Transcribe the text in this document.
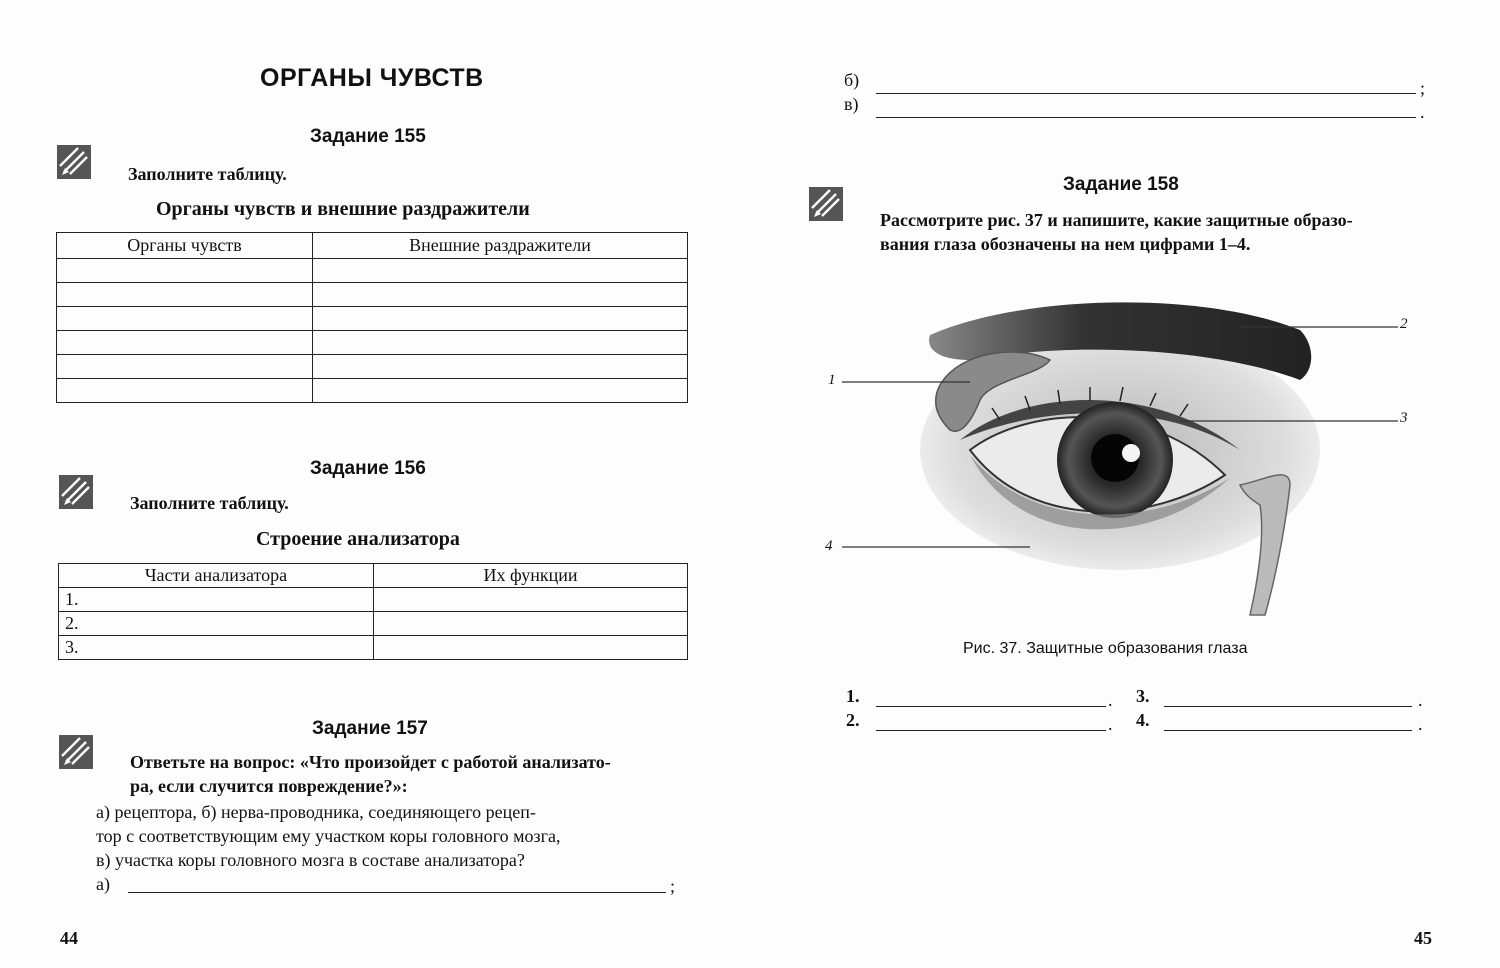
ОРГАНЫ ЧУВСТВ
Задание 155
Заполните таблицу.
Органы чувств и внешние раздражители
Органы чувств	Внешние раздражители

Задание 156
Заполните таблицу.
Строение анализатора
Части анализатора	Их функции
1.	
2.	
3.	
Задание 157
Ответьте на вопрос: «Что произойдет с работой анализато-
ра, если случится повреждение?»:
а) рецептора, б) нерва-проводника, соединяющего рецеп-
тор с соответствующим ему участком коры головного мозга,
в) участка коры головного мозга в составе анализатора?
а)	;
44
б)	;
в)	.
Задание 158
Рассмотрите рис. 37 и напишите, какие защитные образо-
вания глаза обозначены на нем цифрами 1–4.
1
2
3
4
Рис. 37. Защитные образования глаза
1.	.
2.	.
3.	.
4.	.
45
